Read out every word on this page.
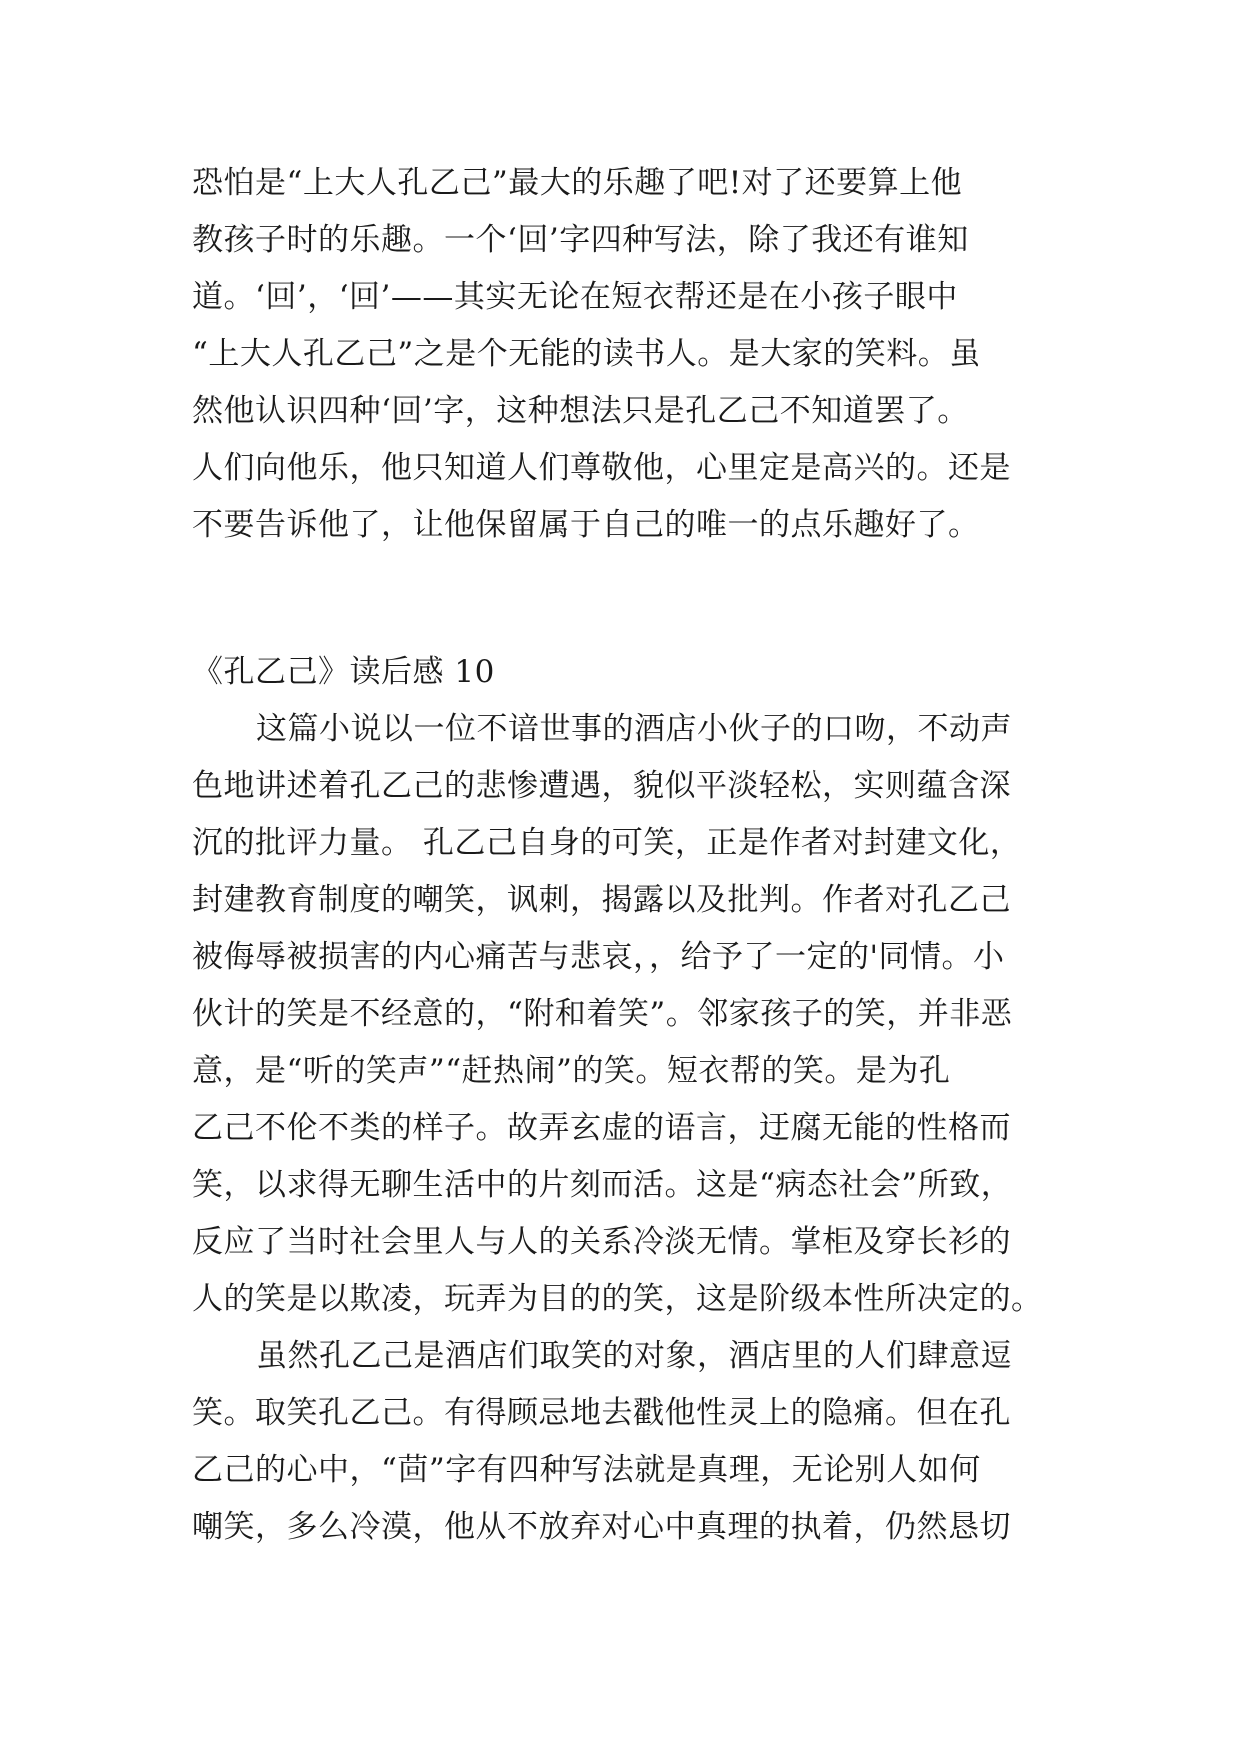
恐怕是“上大人孔乙己”最大的乐趣了吧!对了还要算上他
教孩子时的乐趣。一个‘回’字四种写法，除了我还有谁知
道。‘回’，‘回’——其实无论在短衣帮还是在小孩子眼中
“上大人孔乙己”之是个无能的读书人。是大家的笑料。虽
然他认识四种‘回’字，这种想法只是孔乙己不知道罢了。
人们向他乐，他只知道人们尊敬他，心里定是高兴的。还是
不要告诉他了，让他保留属于自己的唯一的点乐趣好了。
《孔乙己》读后感 10
这篇小说以一位不谙世事的酒店小伙子的口吻，不动声
色地讲述着孔乙己的悲惨遭遇，貌似平淡轻松，实则蕴含深
沉的批评力量。 孔乙己自身的可笑，正是作者对封建文化，
封建教育制度的嘲笑，讽刺，揭露以及批判。作者对孔乙己
被侮辱被损害的内心痛苦与悲哀，，给予了一定的'同情。小
伙计的笑是不经意的，“附和着笑”。邻家孩子的笑，并非恶
意，是“听的笑声”“赶热闹”的笑。短衣帮的笑。是为孔
乙己不伦不类的样子。故弄玄虚的语言，迂腐无能的性格而
笑，以求得无聊生活中的片刻而活。这是“病态社会”所致，
反应了当时社会里人与人的关系冷淡无情。掌柜及穿长衫的
人的笑是以欺凌，玩弄为目的的笑，这是阶级本性所决定的。
虽然孔乙己是酒店们取笑的对象，酒店里的人们肆意逗
笑。取笑孔乙己。有得顾忌地去戳他性灵上的隐痛。但在孔
乙己的心中，“茴”字有四种写法就是真理，无论别人如何
嘲笑，多么冷漠，他从不放弃对心中真理的执着，仍然恳切
